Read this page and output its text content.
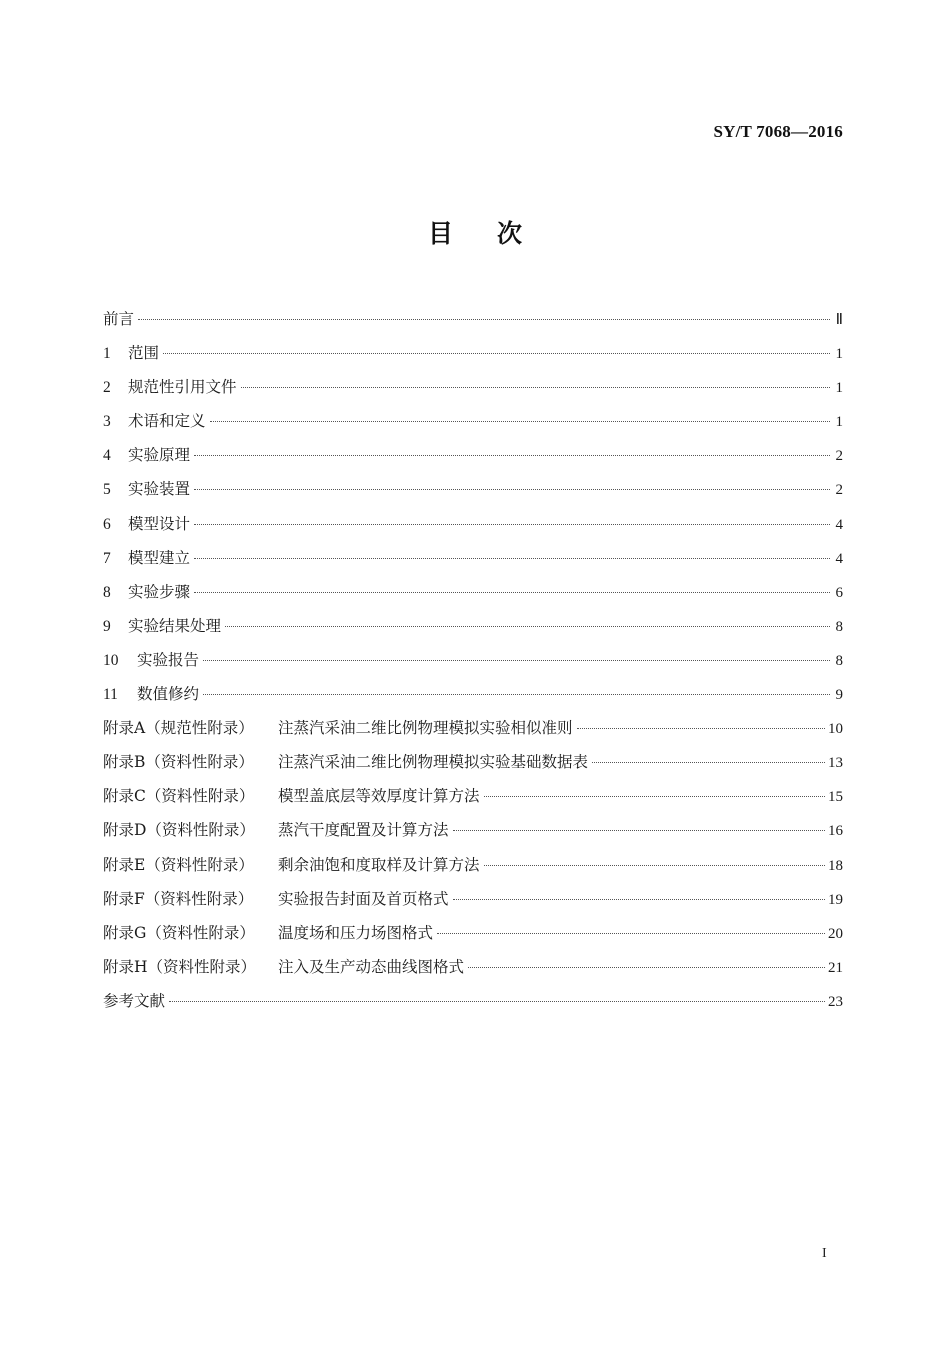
SY/T 7068—2016
目次
前言	Ⅱ
1	范围	1
2	规范性引用文件	1
3	术语和定义	1
4	实验原理	2
5	实验装置	2
6	模型设计	4
7	模型建立	4
8	实验步骤	6
9	实验结果处理	8
10	实验报告	8
11	数值修约	9
附录A（规范性附录）	注蒸汽采油二维比例物理模拟实验相似准则	10
附录B（资料性附录）	注蒸汽采油二维比例物理模拟实验基础数据表	13
附录C（资料性附录）	模型盖底层等效厚度计算方法	15
附录D（资料性附录）	蒸汽干度配置及计算方法	16
附录E（资料性附录）	剩余油饱和度取样及计算方法	18
附录F（资料性附录）	实验报告封面及首页格式	19
附录G（资料性附录）	温度场和压力场图格式	20
附录H（资料性附录）	注入及生产动态曲线图格式	21
参考文献	23
I
